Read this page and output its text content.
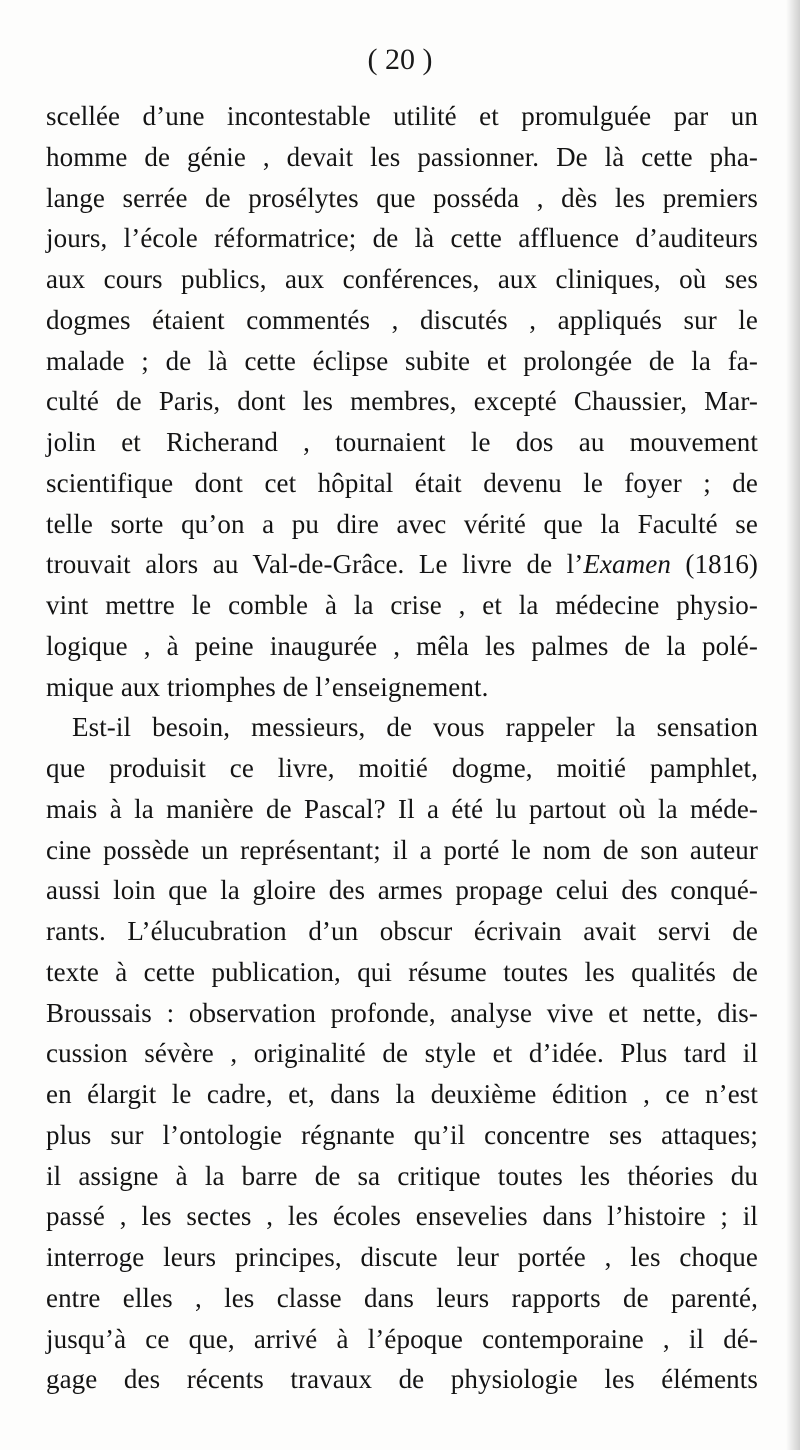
( 20 )
scellée d’une incontestable utilité et promulguée par un
homme de génie , devait les passionner. De là cette pha-
lange serrée de prosélytes que posséda , dès les premiers
jours, l’école réformatrice; de là cette affluence d’auditeurs
aux cours publics, aux conférences, aux cliniques, où ses
dogmes étaient commentés , discutés , appliqués sur le
malade ; de là cette éclipse subite et prolongée de la fa-
culté de Paris, dont les membres, excepté Chaussier, Mar-
jolin et Richerand , tournaient le dos au mouvement
scientifique dont cet hôpital était devenu le foyer ; de
telle sorte qu’on a pu dire avec vérité que la Faculté se
trouvait alors au Val-de-Grâce. Le livre de l’Examen (1816)
vint mettre le comble à la crise , et la médecine physio-
logique , à peine inaugurée , mêla les palmes de la polé-
mique aux triomphes de l’enseignement.
Est-il besoin, messieurs, de vous rappeler la sensation
que produisit ce livre, moitié dogme, moitié pamphlet,
mais à la manière de Pascal? Il a été lu partout où la méde-
cine possède un représentant; il a porté le nom de son auteur
aussi loin que la gloire des armes propage celui des conqué-
rants. L’élucubration d’un obscur écrivain avait servi de
texte à cette publication, qui résume toutes les qualités de
Broussais : observation profonde, analyse vive et nette, dis-
cussion sévère , originalité de style et d’idée. Plus tard il
en élargit le cadre, et, dans la deuxième édition , ce n’est
plus sur l’ontologie régnante qu’il concentre ses attaques;
il assigne à la barre de sa critique toutes les théories du
passé , les sectes , les écoles ensevelies dans l’histoire ; il
interroge leurs principes, discute leur portée , les choque
entre elles , les classe dans leurs rapports de parenté,
jusqu’à ce que, arrivé à l’époque contemporaine , il dé-
gage des récents travaux de physiologie les éléments
